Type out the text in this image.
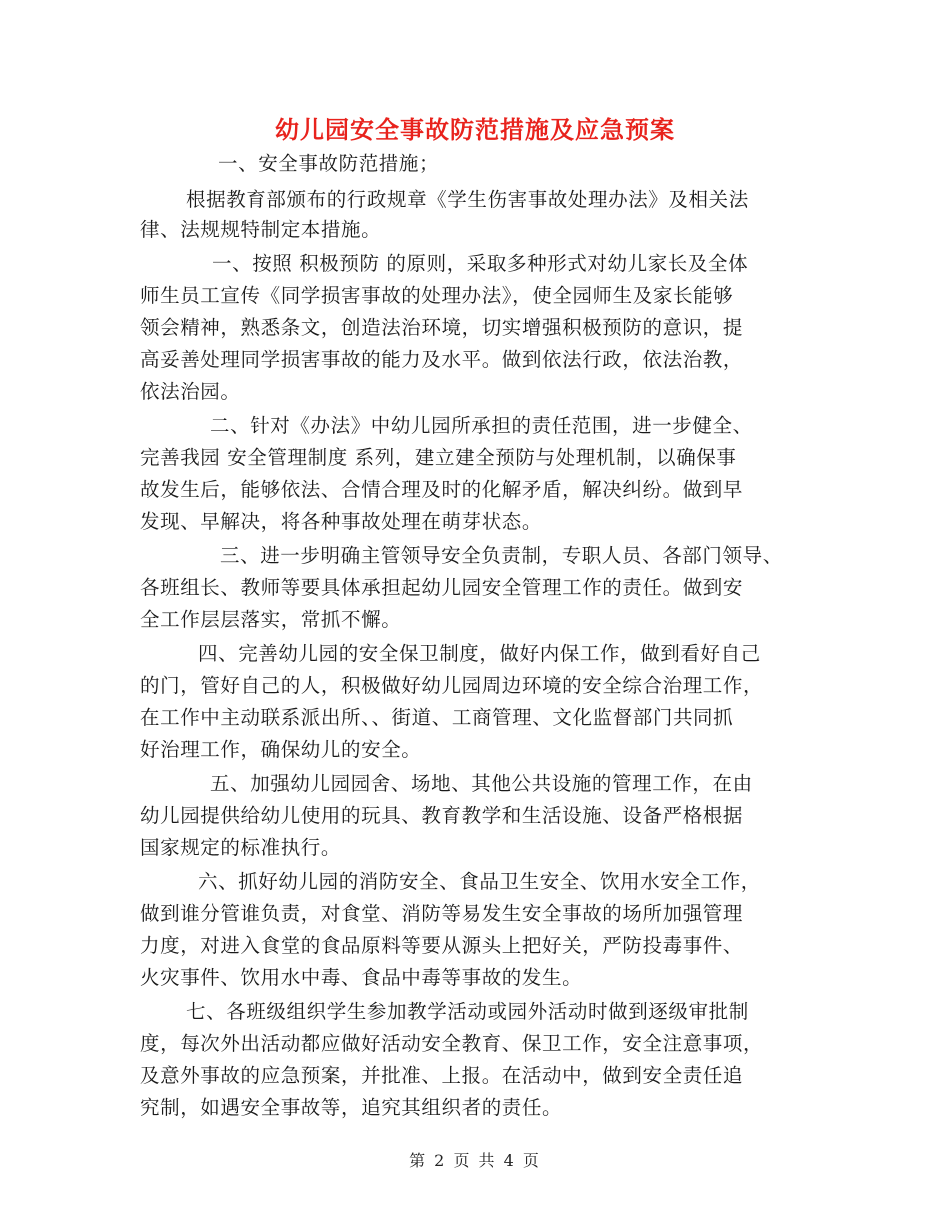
幼儿园安全事故防范措施及应急预案
一、安全事故防范措施；
根据教育部颁布的行政规章《学生伤害事故处理办法》及相关法
律、法规规特制定本措施。
一、按照 积极预防 的原则，采取多种形式对幼儿家长及全体
师生员工宣传《同学损害事故的处理办法》，使全园师生及家长能够
领会精神，熟悉条文，创造法治环境，切实增强积极预防的意识，提
高妥善处理同学损害事故的能力及水平。做到依法行政，依法治教，
依法治园。
二、针对《办法》中幼儿园所承担的责任范围，进一步健全、
完善我园 安全管理制度 系列，建立建全预防与处理机制，以确保事
故发生后，能够依法、合情合理及时的化解矛盾，解决纠纷。做到早
发现、早解决，将各种事故处理在萌芽状态。
三、进一步明确主管领导安全负责制，专职人员、各部门领导、
各班组长、教师等要具体承担起幼儿园安全管理工作的责任。做到安
全工作层层落实，常抓不懈。
四、完善幼儿园的安全保卫制度，做好内保工作，做到看好自己
的门，管好自己的人，积极做好幼儿园周边环境的安全综合治理工作，
在工作中主动联系派出所、、街道、工商管理、文化监督部门共同抓
好治理工作，确保幼儿的安全。
五、加强幼儿园园舍、场地、其他公共设施的管理工作，在由
幼儿园提供给幼儿使用的玩具、教育教学和生活设施、设备严格根据
国家规定的标准执行。
六、抓好幼儿园的消防安全、食品卫生安全、饮用水安全工作，
做到谁分管谁负责，对食堂、消防等易发生安全事故的场所加强管理
力度，对进入食堂的食品原料等要从源头上把好关，严防投毒事件、
火灾事件、饮用水中毒、食品中毒等事故的发生。
七、各班级组织学生参加教学活动或园外活动时做到逐级审批制
度，每次外出活动都应做好活动安全教育、保卫工作，安全注意事项，
及意外事故的应急预案，并批准、上报。在活动中，做到安全责任追
究制，如遇安全事故等，追究其组织者的责任。
第 2 页 共 4 页
